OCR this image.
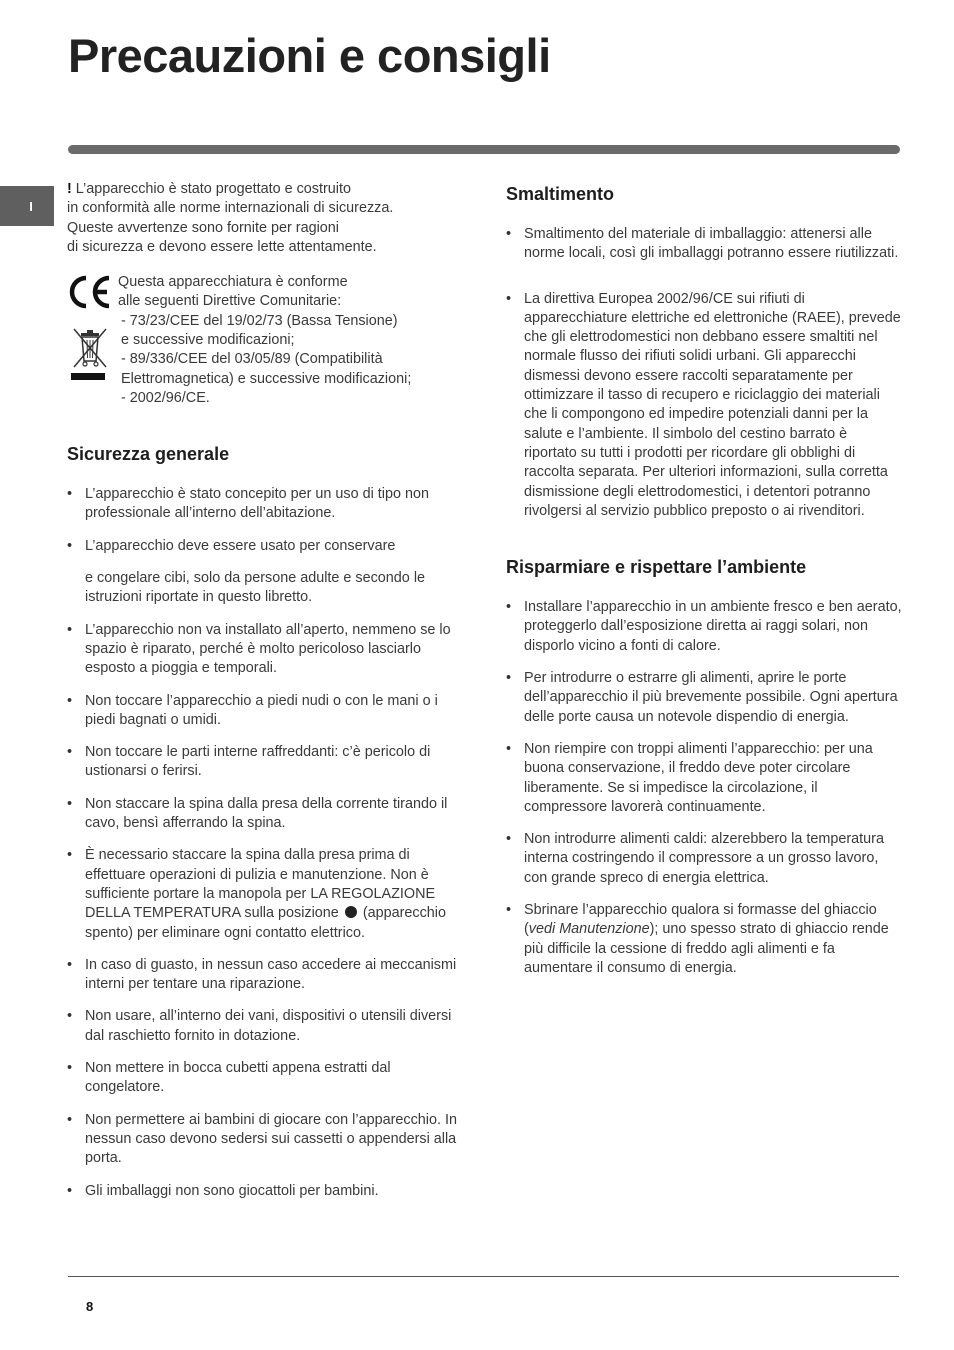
Precauzioni e consigli
I

! L’apparecchio è stato progettato e costruito

in conformità alle norme internazionali di sicurezza.

Queste avvertenze sono fornite per ragioni

di sicurezza e devono essere lette attentamente.

Questa apparecchiatura è conforme
alle seguenti Direttive Comunitarie:
- 73/23/CEE del 19/02/73 (Bassa Tensione)
e successive modificazioni;
- 89/336/CEE del 03/05/89 (Compatibilità
Elettromagnetica) e successive modificazioni;
- 2002/96/CE.
Sicurezza generale
• L’apparecchio è stato concepito per un uso di tipo non professionale all’interno dell’abitazione.
• L’apparecchio deve essere usato per conservare
e congelare cibi, solo da persone adulte e secondo le istruzioni riportate in questo libretto.
• L’apparecchio non va installato all’aperto, nemmeno se lo spazio è riparato, perché è molto pericoloso lasciarlo esposto a pioggia e temporali.
• Non toccare l’apparecchio a piedi nudi o con le mani o i piedi bagnati o umidi.
• Non toccare le parti interne raffreddanti: c’è pericolo di ustionarsi o ferirsi.
• Non staccare la spina dalla presa della corrente tirando il cavo, bensì afferrando la spina.
• È necessario staccare la spina dalla presa prima di effettuare operazioni di pulizia e manutenzione. Non è sufficiente portare la manopola per LA REGOLAZIONE DELLA TEMPERATURA sulla posizione (apparecchio spento) per eliminare ogni contatto elettrico.
• In caso di guasto, in nessun caso accedere ai meccanismi interni per tentare una riparazione.
• Non usare, all’interno dei vani, dispositivi o utensili diversi dal raschietto fornito in dotazione.
• Non mettere in bocca cubetti appena estratti dal congelatore.
• Non permettere ai bambini di giocare con l’apparecchio. In nessun caso devono sedersi sui cassetti o appendersi alla porta.
• Gli imballaggi non sono giocattoli per bambini.
Smaltimento
• Smaltimento del materiale di imballaggio: attenersi alle norme locali, così gli imballaggi potranno essere riutilizzati.
• La direttiva Europea 2002/96/CE sui rifiuti di apparecchiature elettriche ed elettroniche (RAEE), prevede che gli elettrodomestici non debbano essere smaltiti nel normale flusso dei rifiuti solidi urbani. Gli apparecchi dismessi devono essere raccolti separatamente per ottimizzare il tasso di recupero e riciclaggio dei materiali che li compongono ed impedire potenziali danni per la salute e l’ambiente. Il simbolo del cestino barrato è riportato su tutti i prodotti per ricordare gli obblighi di raccolta separata. Per ulteriori informazioni, sulla corretta dismissione degli elettrodomestici, i detentori potranno rivolgersi al servizio pubblico preposto o ai rivenditori.
Risparmiare e rispettare l’ambiente
• Installare l’apparecchio in un ambiente fresco e ben aerato, proteggerlo dall’esposizione diretta ai raggi solari, non disporlo vicino a fonti di calore.
• Per introdurre o estrarre gli alimenti, aprire le porte dell’apparecchio il più brevemente possibile. Ogni apertura delle porte causa un notevole dispendio di energia.
• Non riempire con troppi alimenti l’apparecchio: per una buona conservazione, il freddo deve poter circolare liberamente. Se si impedisce la circolazione, il compressore lavorerà continuamente.
• Non introdurre alimenti caldi: alzerebbero la temperatura interna costringendo il compressore a un grosso lavoro, con grande spreco di energia elettrica.
• Sbrinare l’apparecchio qualora si formasse del ghiaccio (vedi Manutenzione); uno spesso strato di ghiaccio rende più difficile la cessione di freddo agli alimenti e fa aumentare il consumo di energia.
8
